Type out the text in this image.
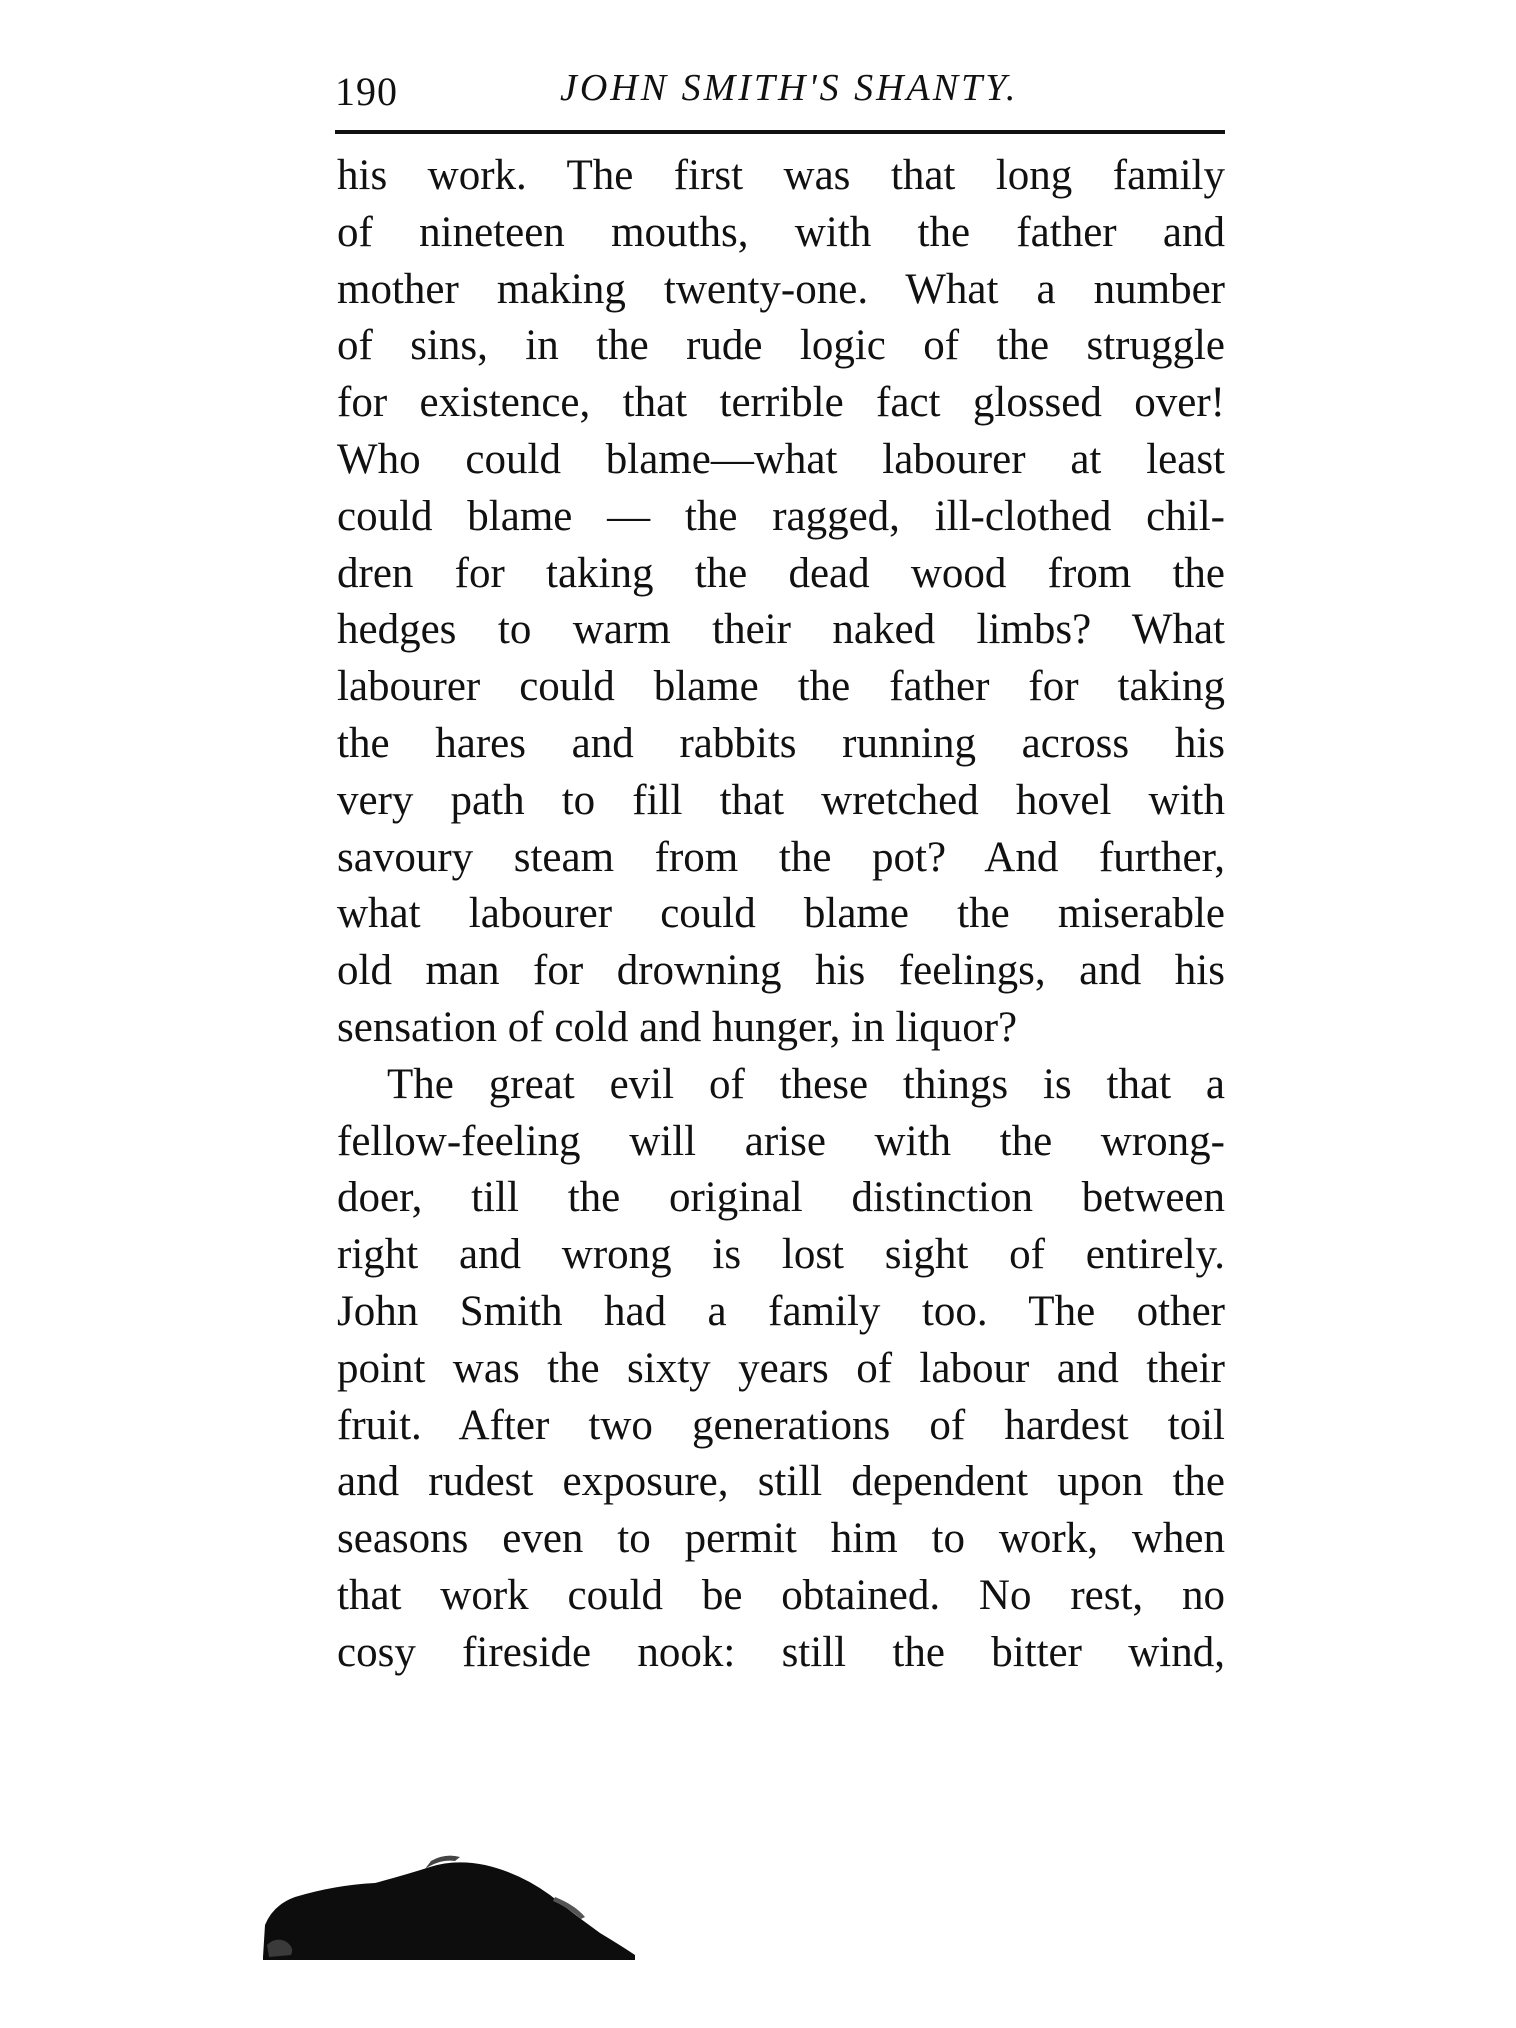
190	JOHN SMITH'S SHANTY.
his work. The first was that long family
of nineteen mouths, with the father and
mother making twenty-one. What a number
of sins, in the rude logic of the struggle
for existence, that terrible fact glossed over!
Who could blame—what labourer at least
could blame — the ragged, ill-clothed chil-
dren for taking the dead wood from the
hedges to warm their naked limbs? What
labourer could blame the father for taking
the hares and rabbits running across his
very path to fill that wretched hovel with
savoury steam from the pot? And further,
what labourer could blame the miserable
old man for drowning his feelings, and his
sensation of cold and hunger, in liquor?
The great evil of these things is that a
fellow-feeling will arise with the wrong-
doer, till the original distinction between
right and wrong is lost sight of entirely.
John Smith had a family too. The other
point was the sixty years of labour and their
fruit. After two generations of hardest toil
and rudest exposure, still dependent upon the
seasons even to permit him to work, when
that work could be obtained. No rest, no
cosy fireside nook: still the bitter wind,
